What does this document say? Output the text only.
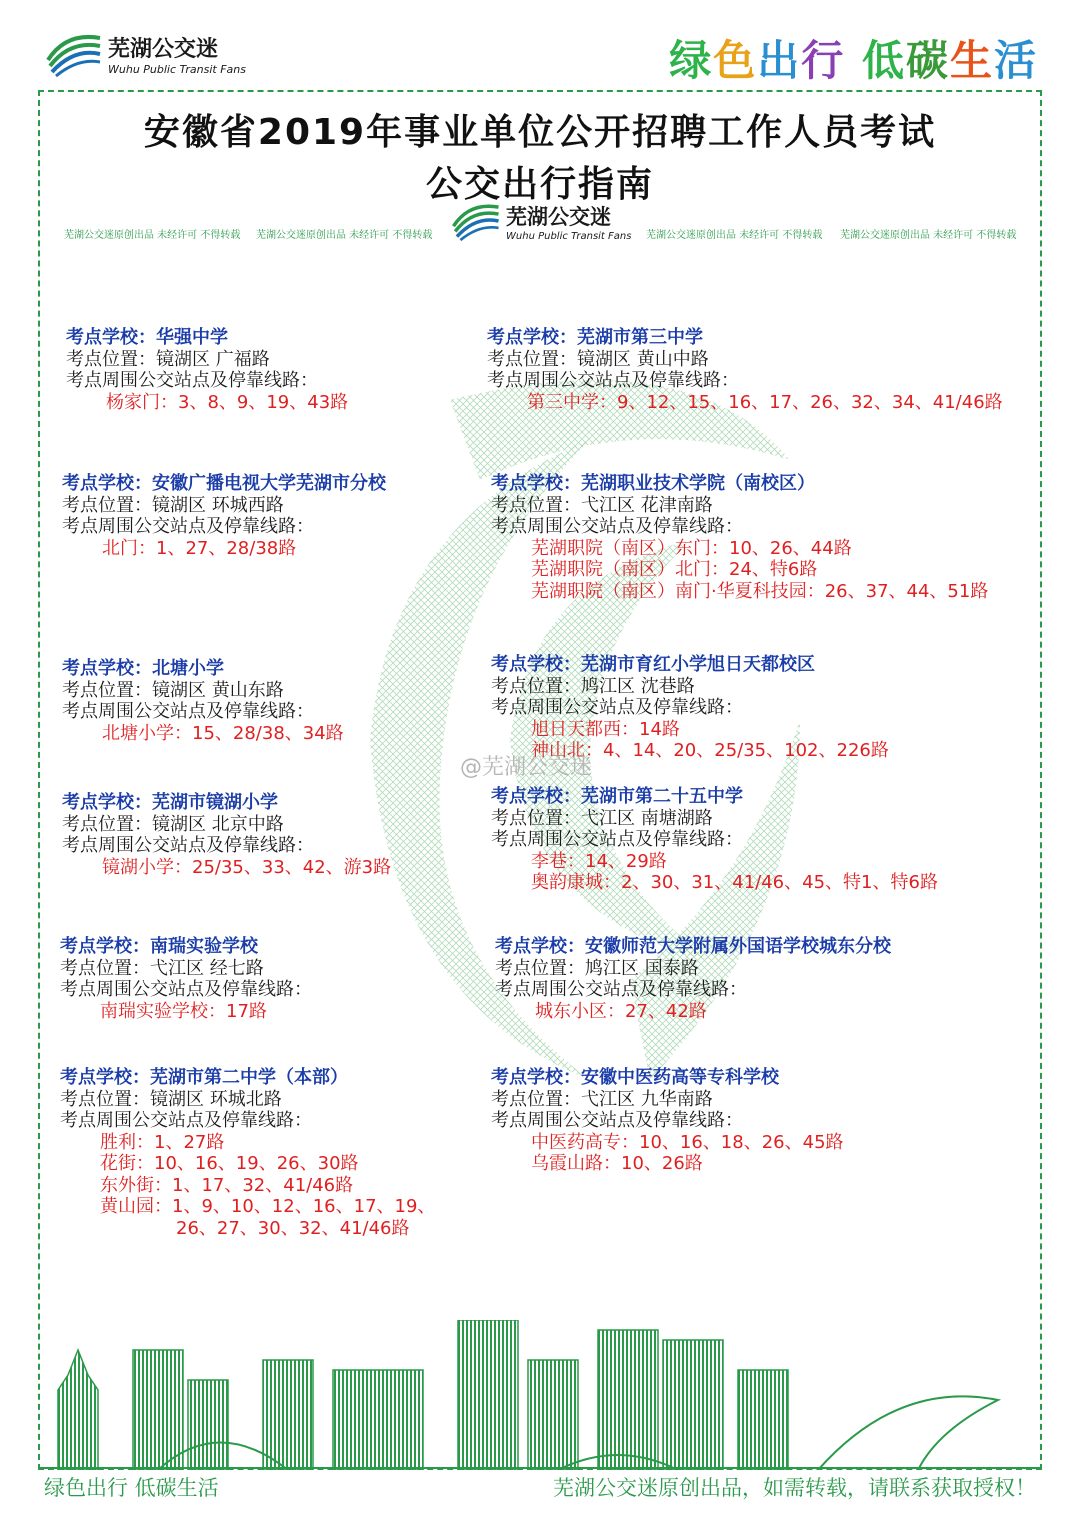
芜湖公交迷
Wuhu Public Transit Fans	绿色出行 低碳生活
安徽省2019年事业单位公开招聘工作人员考试
公交出行指南
芜湖公交迷原创出品 未经许可 不得转载 芜湖公交迷原创出品 未经许可 不得转载	芜湖公交迷原创出品 未经许可 不得转载 芜湖公交迷原创出品 未经许可 不得转载
芜湖公交迷
Wuhu Public Transit Fans
考点学校：华强中学
考点位置：镜湖区 广福路
考点周围公交站点及停靠线路：
杨家门：3、8、9、19、43路
考点学校：芜湖市第三中学
考点位置：镜湖区 黄山中路
考点周围公交站点及停靠线路：
第三中学：9、12、15、16、17、26、32、34、41/46路
考点学校：安徽广播电视大学芜湖市分校
考点位置：镜湖区 环城西路
考点周围公交站点及停靠线路：
北门：1、27、28/38路
考点学校：芜湖职业技术学院（南校区）
考点位置：弋江区 花津南路
考点周围公交站点及停靠线路：
芜湖职院（南区）东门：10、26、44路
芜湖职院（南区）北门：24、特6路
芜湖职院（南区）南门·华夏科技园：26、37、44、51路
考点学校：北塘小学
考点位置：镜湖区 黄山东路
考点周围公交站点及停靠线路：
北塘小学：15、28/38、34路
考点学校：芜湖市育红小学旭日天都校区
考点位置：鸠江区 沈巷路
考点周围公交站点及停靠线路：
旭日天都西：14路
神山北：4、14、20、25/35、102、226路
考点学校：芜湖市镜湖小学
考点位置：镜湖区 北京中路
考点周围公交站点及停靠线路：
镜湖小学：25/35、33、42、游3路
考点学校：芜湖市第二十五中学
考点位置：弋江区 南塘湖路
考点周围公交站点及停靠线路：
李巷：14、29路
奥韵康城：2、30、31、41/46、45、特1、特6路
考点学校：南瑞实验学校
考点位置：弋江区 经七路
考点周围公交站点及停靠线路：
南瑞实验学校：17路
考点学校：安徽师范大学附属外国语学校城东分校
考点位置：鸠江区 国泰路
考点周围公交站点及停靠线路：
城东小区：27、42路
考点学校：芜湖市第二中学（本部）
考点位置：镜湖区 环城北路
考点周围公交站点及停靠线路：
胜利：1、27路
花街：10、16、19、26、30路
东外街：1、17、32、41/46路
黄山园：1、9、10、12、16、17、19、
26、27、30、32、41/46路
考点学校：安徽中医药高等专科学校
考点位置：弋江区 九华南路
考点周围公交站点及停靠线路：
中医药高专：10、16、18、26、45路
乌霞山路：10、26路
@芜湖公交迷
绿色出行 低碳生活	芜湖公交迷原创出品，如需转载，请联系获取授权！
